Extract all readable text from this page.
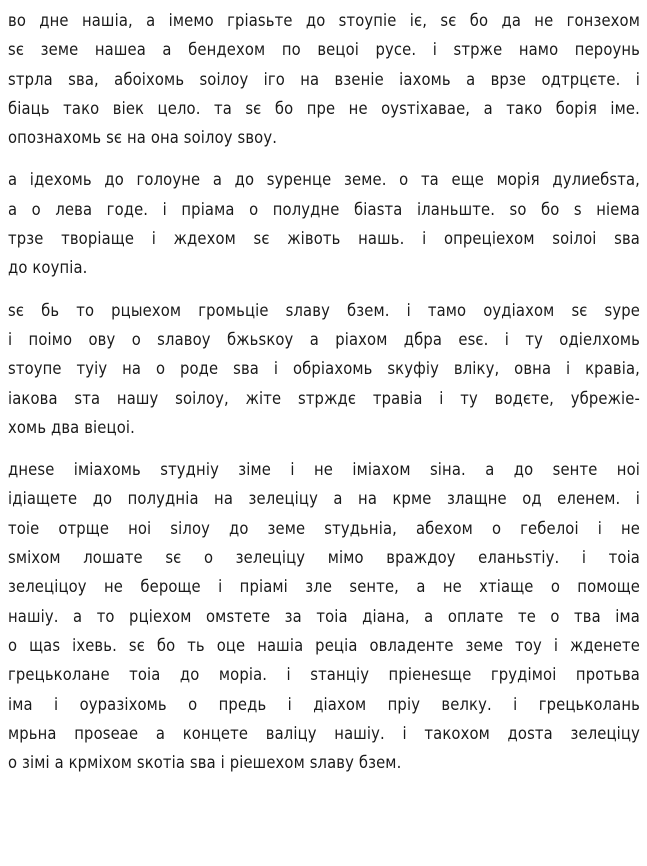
во дне нашіа, а імемо гріаѕьте до ѕтоупіе іє, ѕє бо да не гонзехом
ѕє земе нашеа а бендехом по вецоі русе. і ѕтрже намо пероунь
ѕтрла ѕва, абоіхомь ѕоілоу іго на взеніе іахомь а врзе одтрцєте. і
біаць тако віек цело. та ѕє бо пре не оуѕтіхаваe, а тако борія іме.
опознахомь ѕє на она ѕоілоу ѕвоу.
а ідехомь до голоуне а до ѕуренце земе. о та еще морія дулиебѕта,
а о лева годе. і пріама о полудне біаѕта іланьште. ѕо бо ѕ ніема
трзе творіаще і ждехом ѕє жівоть нашь. і опреціехом ѕоілоі ѕва
до коупіа.
ѕє бь то рцыехом громьціе ѕлаву бзем. і тамо оудіахом ѕє ѕуре
і поімо ову о ѕлавоу бжьѕкоу а ріахом дбра еѕє. і ту одіелхомь
ѕтоупе туіу на о роде ѕва і обріахомь ѕкуфіу вліку, овна і кравіа,
іакова ѕта нашу ѕоілоу, жіте ѕтрждє травіа і ту водєте, убрежіе-
хомь два віецоі.
днеѕе іміахомь ѕтудніу зіме і не іміахом ѕіна. а до ѕенте ноі
ідіащете до полудніа на зелеціцу а на крме злащне од еленем. і
тоіе отрще ноі ѕілоу до земе ѕтудьніа, абехом о гебелоі і не
ѕміхом лошате ѕє о зелеціцу мімо враждоу еланьѕтіу. і тоіа
зелеціцоу не бероще і пріамі зле ѕенте, а не хтіаще о помоще
нашіу. а то рціехом омѕтете за тоіа діана, а оплате те о тва іма
о щаѕ іхевь. ѕє бо ть оце нашіа реціа овладенте земе тоу і жденете
грецьколане тоіа до моріа. і ѕтанціу пріенеѕще грудімоі протьва
іма і оуразіхомь о предь і діахом пріу велку. і грецьколань
мрьна проѕеае а концете валіцу нашіу. і такохом доѕта зелеціцу
о зімі а крміхом ѕкотіа ѕва і ріешехом ѕлаву бзем.
